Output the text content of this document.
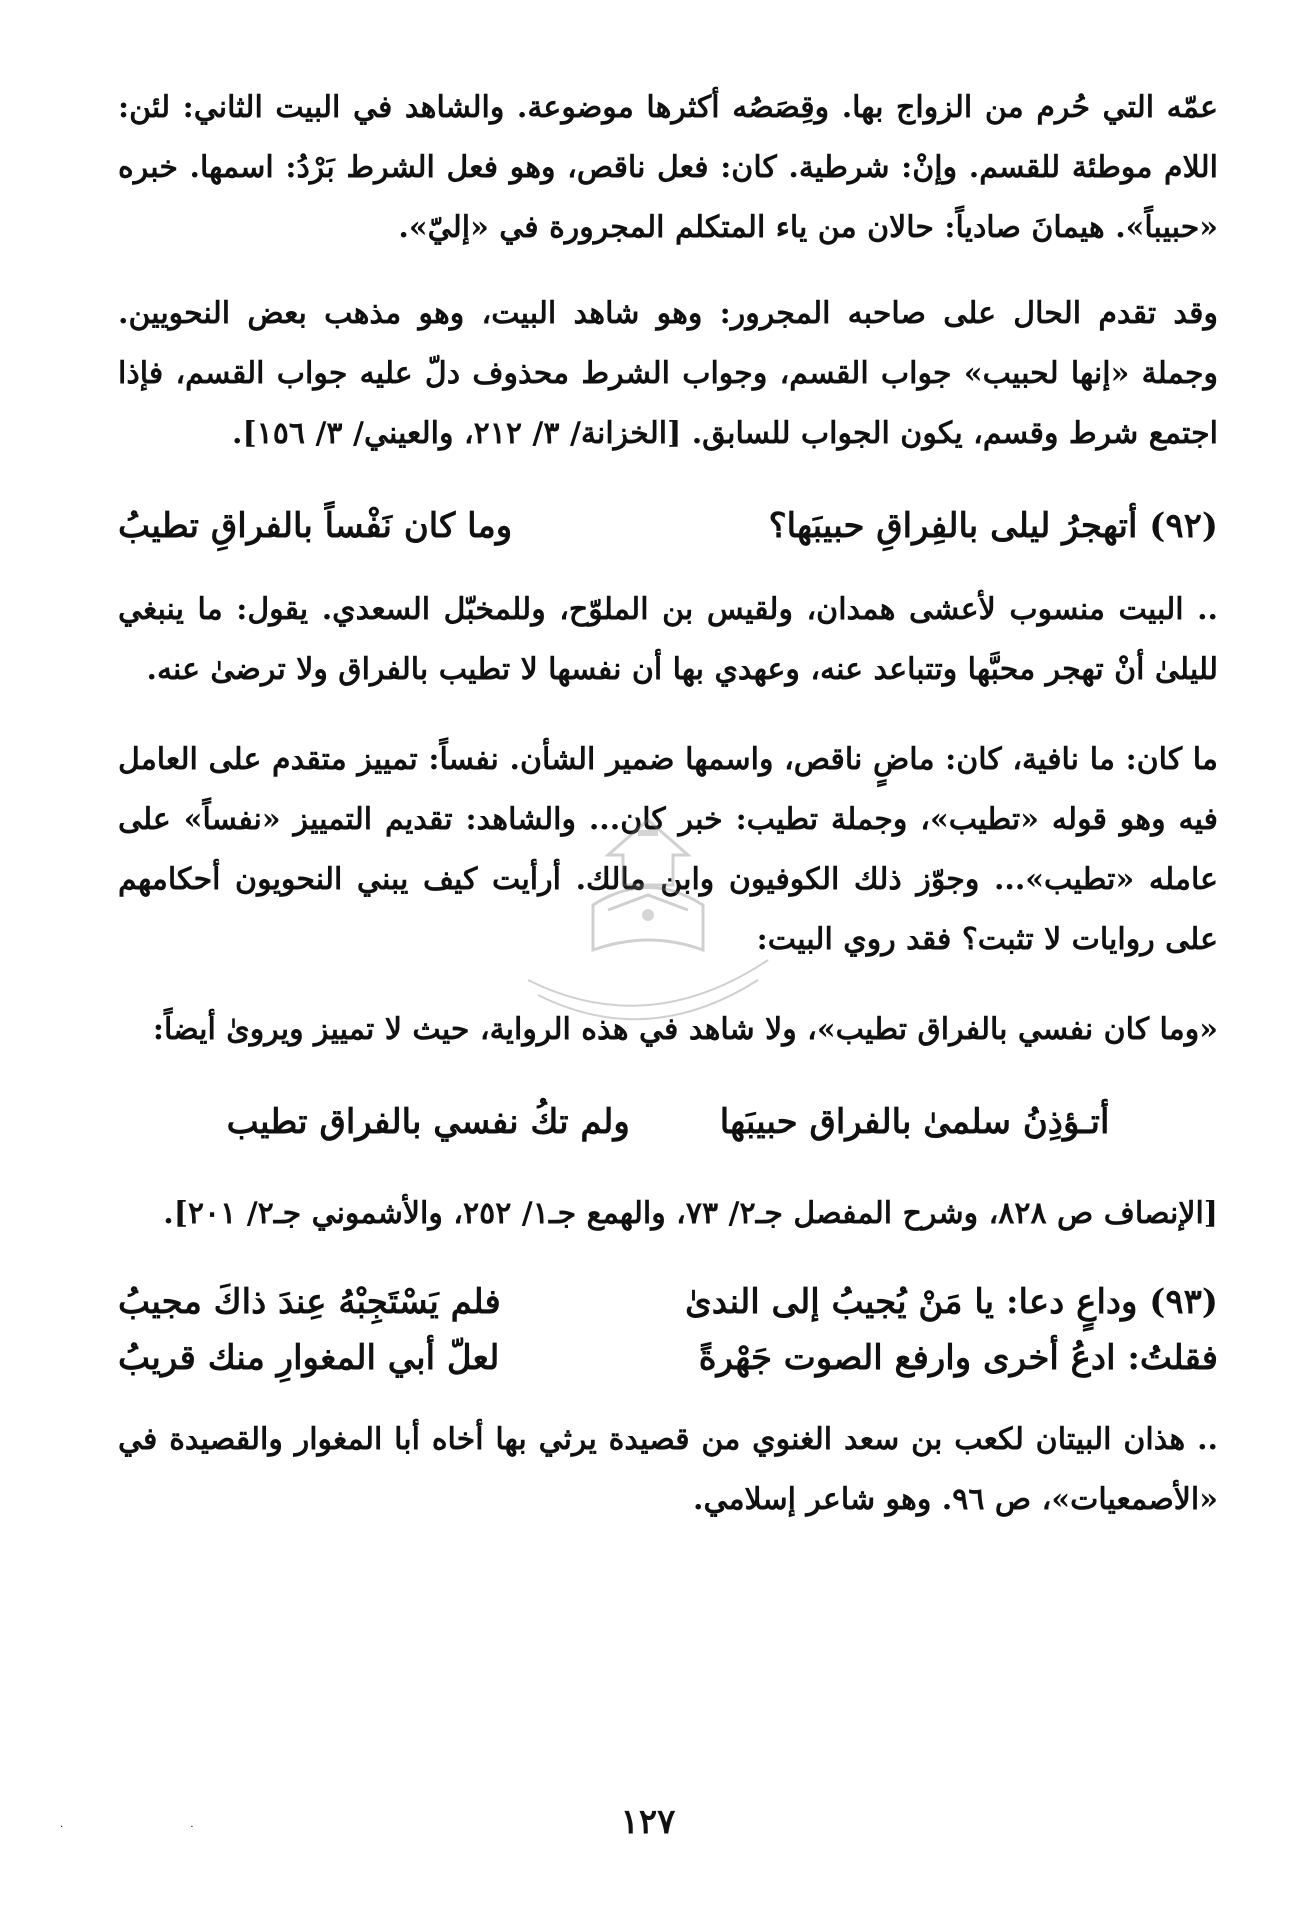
عمّه التي حُرم من الزواج بها. وقِصَصُه أكثرها موضوعة. والشاهد في البيت الثاني: لئن: اللام موطئة للقسم. وإنْ: شرطية. كان: فعل ناقص، وهو فعل الشرط بَرْدُ: اسمها. خبره «حبيباً». هيمانَ صادياً: حالان من ياء المتكلم المجرورة في «إليّ».

وقد تقدم الحال على صاحبه المجرور: وهو شاهد البيت، وهو مذهب بعض النحويين. وجملة «إنها لحبيب» جواب القسم، وجواب الشرط محذوف دلّ عليه جواب القسم، فإذا اجتمع شرط وقسم، يكون الجواب للسابق. [الخزانة/ ٣/ ٢١٢، والعيني/ ٣/ ١٥٦].

(٩٢) أتهجرُ ليلى بالفِراقِ حبيبَها؟
وما كان نَفْساً بالفراقِ تطيبُ

.. البيت منسوب لأعشى همدان، ولقيس بن الملوّح، وللمخبّل السعدي. يقول: ما ينبغي لليلىٰ أنْ تهجر محبَّها وتتباعد عنه، وعهدي بها أن نفسها لا تطيب بالفراق ولا ترضىٰ عنه.

ما كان: ما نافية، كان: ماضٍ ناقص، واسمها ضمير الشأن. نفساً: تمييز متقدم على العامل فيه وهو قوله «تطيب»، وجملة تطيب: خبر كان... والشاهد: تقديم التمييز «نفساً» على عامله «تطيب»... وجوّز ذلك الكوفيون وابن مالك. أرأيت كيف يبني النحويون أحكامهم على روايات لا تثبت؟ فقد روي البيت:

«وما كان نفسي بالفراق تطيب»، ولا شاهد في هذه الرواية، حيث لا تمييز ويروىٰ أيضاً:

أتـؤذِنُ سلمىٰ بالفراق حبيبَها
ولم تكُ نفسي بالفراق تطيب

[الإنصاف ص ٨٢٨، وشرح المفصل جـ٢/ ٧٣، والهمع جـ١/ ٢٥٢، والأشموني جـ٢/ ٢٠١].

(٩٣) وداعٍ دعا: يا مَنْ يُجيبُ إلى الندىٰ
فلم يَسْتَجِبْهُ عِندَ ذاكَ مجيبُ
فقلتُ: ادعُ أخرى وارفع الصوت جَهْرةً
لعلّ أبي المغوارِ منك قريبُ

.. هذان البيتان لكعب بن سعد الغنوي من قصيدة يرثي بها أخاه أبا المغوار والقصيدة في «الأصمعيات»، ص ٩٦. وهو شاعر إسلامي.

١٢٧
·                                        ·
